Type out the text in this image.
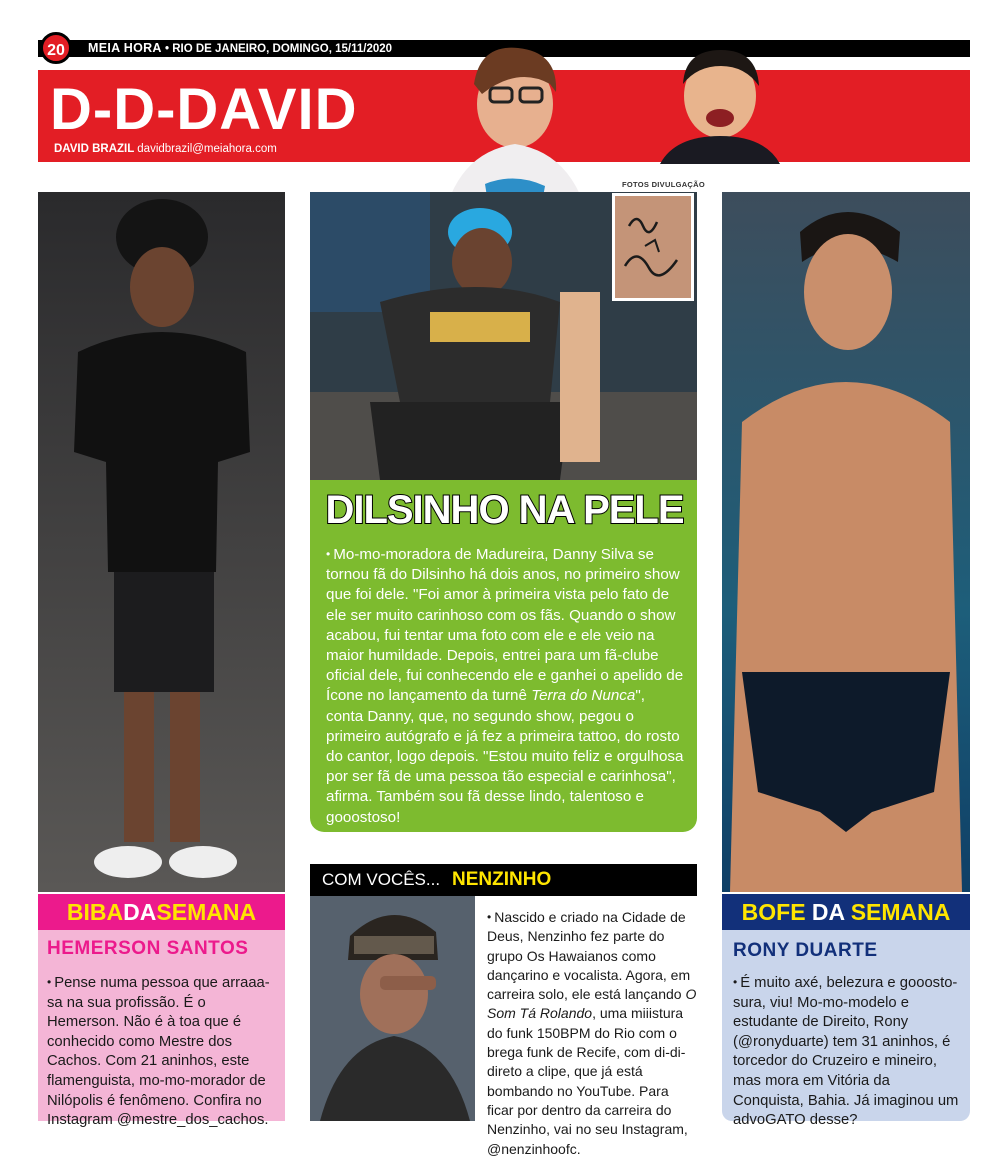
MEIA HORA • RIO DE JANEIRO, DOMINGO, 15/11/2020
20
D-D-DAVID
DAVID BRAZIL davidbrazil@meiahora.com
BIBADASEMANA
HEMERSON SANTOS
• Pense numa pessoa que arraaa-sa na sua profissão. É o Hemerson. Não é à toa que é conhecido como Mestre dos Cachos. Com 21 aninhos, este flamenguista, mo-mo-morador de Nilópolis é fenômeno. Confira no Instagram @mestre_dos_cachos.
FOTOS DIVULGAÇÃO
DILSINHO NA PELE
• Mo-mo-moradora de Madureira, Danny Silva se tornou fã do Dilsinho há dois anos, no primeiro show que foi dele. "Foi amor à primeira vista pelo fato de ele ser muito carinhoso com os fãs. Quando o show acabou, fui tentar uma foto com ele e ele veio na maior humildade. Depois, entrei para um fã-clube oficial dele, fui conhecendo ele e ganhei o apelido de Ícone no lançamento da turnê Terra do Nunca", conta Danny, que, no segundo show, pegou o primeiro autógrafo e já fez a primeira tattoo, do rosto do cantor, logo depois. "Estou muito feliz e orgulhosa por ser fã de uma pessoa tão especial e carinhosa", afirma. Também sou fã desse lindo, talentoso e gooostoso!
COM VOCÊS... NENZINHO
• Nascido e criado na Cidade de Deus, Nenzinho fez parte do grupo Os Hawaianos como dançarino e vocalista. Agora, em carreira solo, ele está lançando O Som Tá Rolando, uma miiistura do funk 150BPM do Rio com o brega funk de Recife, com di-di-direto a clipe, que já está bombando no YouTube. Para ficar por dentro da carreira do Nenzinho, vai no seu Instagram, @nenzinhoofc.
BOFE DA SEMANA
RONY DUARTE
• É muito axé, belezura e gooosto-sura, viu! Mo-mo-modelo e estudante de Direito, Rony (@ronyduarte) tem 31 aninhos, é torcedor do Cruzeiro e mineiro, mas mora em Vitória da Conquista, Bahia. Já imaginou um advoGATO desse?
